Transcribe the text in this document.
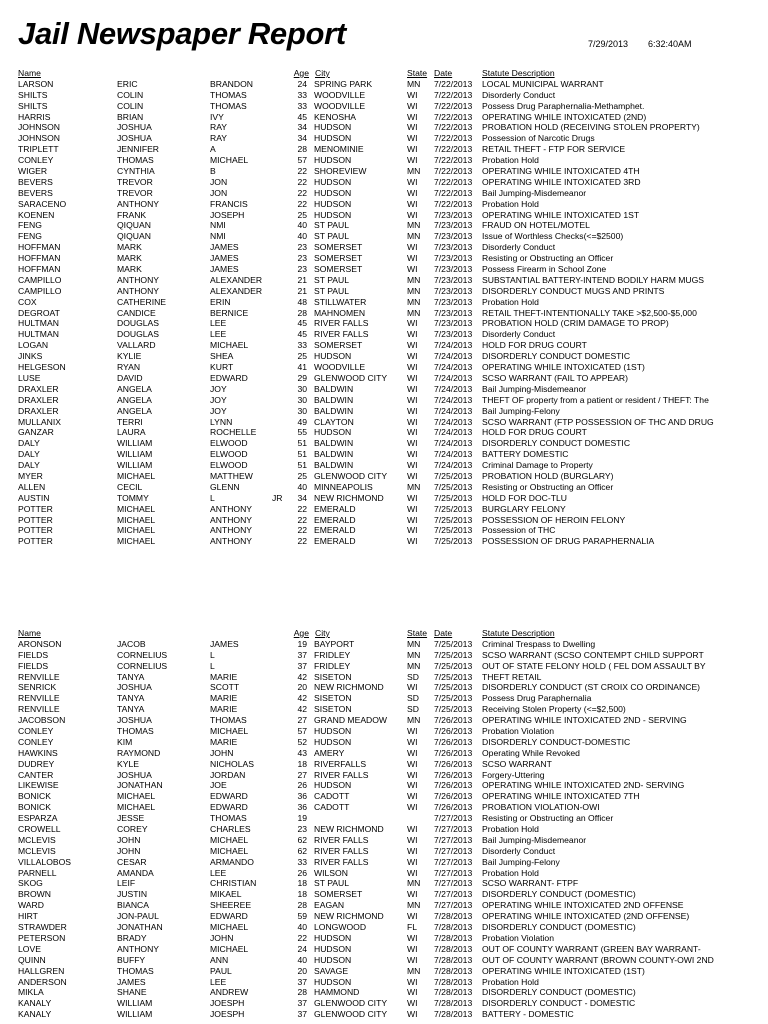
Jail Newspaper Report	7/29/2013 6:32:40AM
Name	Age City	State Date	Statute Description
LARSON	ERIC	BRANDON	24 SPRING PARK	MN	7/22/2013	LOCAL MUNICIPAL WARRANT
SHILTS	COLIN	THOMAS	33 WOODVILLE	WI	7/22/2013	Disorderly Conduct
SHILTS	COLIN	THOMAS	33 WOODVILLE	WI	7/22/2013	Possess Drug Paraphernalia-Methamphet.
HARRIS	BRIAN	IVY	45 KENOSHA	WI	7/22/2013	OPERATING WHILE INTOXICATED (2ND)
JOHNSON	JOSHUA	RAY	34 HUDSON	WI	7/22/2013	PROBATION HOLD (RECEIVING STOLEN PROPERTY)
JOHNSON	JOSHUA	RAY	34 HUDSON	WI	7/22/2013	Possession of Narcotic Drugs
TRIPLETT	JENNIFER	A	28 MENOMINIE	WI	7/22/2013	RETAIL THEFT - FTP FOR SERVICE
CONLEY	THOMAS	MICHAEL	57 HUDSON	WI	7/22/2013	Probation Hold
WIGER	CYNTHIA	B	22 SHOREVIEW	MN	7/22/2013	OPERATING WHILE INTOXICATED 4TH
BEVERS	TREVOR	JON	22 HUDSON	WI	7/22/2013	OPERATING WHILE INTOXICATED 3RD
BEVERS	TREVOR	JON	22 HUDSON	WI	7/22/2013	Bail Jumping-Misdemeanor
SARACENO	ANTHONY	FRANCIS	22 HUDSON	WI	7/22/2013	Probation Hold
KOENEN	FRANK	JOSEPH	25 HUDSON	WI	7/23/2013	OPERATING WHILE INTOXICATED 1ST
FENG	QIQUAN	NMI	40 ST PAUL	MN	7/23/2013	FRAUD ON HOTEL/MOTEL
FENG	QIQUAN	NMI	40 ST PAUL	MN	7/23/2013	Issue of Worthless Checks(<=$2500)
HOFFMAN	MARK	JAMES	23 SOMERSET	WI	7/23/2013	Disorderly Conduct
HOFFMAN	MARK	JAMES	23 SOMERSET	WI	7/23/2013	Resisting or Obstructing an Officer
HOFFMAN	MARK	JAMES	23 SOMERSET	WI	7/23/2013	Possess Firearm in School Zone
CAMPILLO	ANTHONY	ALEXANDER	21 ST PAUL	MN	7/23/2013	SUBSTANTIAL BATTERY-INTEND BODILY HARM MUGS
CAMPILLO	ANTHONY	ALEXANDER	21 ST PAUL	MN	7/23/2013	DISORDERLY CONDUCT MUGS AND PRINTS
COX	CATHERINE	ERIN	48 STILLWATER	MN	7/23/2013	Probation Hold
DEGROAT	CANDICE	BERNICE	28 MAHNOMEN	MN	7/23/2013	RETAIL THEFT-INTENTIONALLY TAKE >$2,500-$5,000
HULTMAN	DOUGLAS	LEE	45 RIVER FALLS	WI	7/23/2013	PROBATION HOLD (CRIM DAMAGE TO PROP)
HULTMAN	DOUGLAS	LEE	45 RIVER FALLS	WI	7/23/2013	Disorderly Conduct
LOGAN	VALLARD	MICHAEL	33 SOMERSET	WI	7/24/2013	HOLD FOR DRUG COURT
JINKS	KYLIE	SHEA	25 HUDSON	WI	7/24/2013	DISORDERLY CONDUCT DOMESTIC
HELGESON	RYAN	KURT	41 WOODVILLE	WI	7/24/2013	OPERATING WHILE INTOXICATED (1ST)
LUSE	DAVID	EDWARD	29 GLENWOOD CITY	WI	7/24/2013	SCSO WARRANT (FAIL TO APPEAR)
DRAXLER	ANGELA	JOY	30 BALDWIN	WI	7/24/2013	Bail Jumping-Misdemeanor
DRAXLER	ANGELA	JOY	30 BALDWIN	WI	7/24/2013	THEFT OF property from a patient or resident / THEFT: The
DRAXLER	ANGELA	JOY	30 BALDWIN	WI	7/24/2013	Bail Jumping-Felony
MULLANIX	TERRI	LYNN	49 CLAYTON	WI	7/24/2013	SCSO WARRANT (FTP POSSESSION OF THC AND DRUG
GANZAR	LAURA	ROCHELLE	55 HUDSON	WI	7/24/2013	HOLD FOR DRUG COURT
DALY	WILLIAM	ELWOOD	51 BALDWIN	WI	7/24/2013	DISORDERLY CONDUCT DOMESTIC
DALY	WILLIAM	ELWOOD	51 BALDWIN	WI	7/24/2013	BATTERY DOMESTIC
DALY	WILLIAM	ELWOOD	51 BALDWIN	WI	7/24/2013	Criminal Damage to Property
MYER	MICHAEL	MATTHEW	25 GLENWOOD CITY	WI	7/25/2013	PROBATION HOLD (BURGLARY)
ALLEN	CECIL	GLENN	40 MINNEAPOLIS	MN	7/25/2013	Resisting or Obstructing an Officer
AUSTIN	TOMMY	L	JR	34 NEW RICHMOND	WI	7/25/2013	HOLD FOR DOC-TLU
POTTER	MICHAEL	ANTHONY	22 EMERALD	WI	7/25/2013	BURGLARY FELONY
POTTER	MICHAEL	ANTHONY	22 EMERALD	WI	7/25/2013	POSSESSION OF HEROIN FELONY
POTTER	MICHAEL	ANTHONY	22 EMERALD	WI	7/25/2013	Possession of THC
POTTER	MICHAEL	ANTHONY	22 EMERALD	WI	7/25/2013	POSSESSION OF DRUG PARAPHERNALIA
Name	Age City	State Date	Statute Description
ARONSON	JACOB	JAMES	19 BAYPORT	MN	7/25/2013	Criminal Trespass to Dwelling
FIELDS	CORNELIUS	L	37 FRIDLEY	MN	7/25/2013	SCSO WARRANT (SCSO CONTEMPT CHILD SUPPORT
FIELDS	CORNELIUS	L	37 FRIDLEY	MN	7/25/2013	OUT OF STATE FELONY HOLD ( FEL DOM ASSAULT BY
RENVILLE	TANYA	MARIE	42 SISETON	SD	7/25/2013	THEFT RETAIL
SENRICK	JOSHUA	SCOTT	20 NEW RICHMOND	WI	7/25/2013	DISORDERLY CONDUCT (ST CROIX CO ORDINANCE)
RENVILLE	TANYA	MARIE	42 SISETON	SD	7/25/2013	Possess Drug Paraphernalia
RENVILLE	TANYA	MARIE	42 SISETON	SD	7/25/2013	Receiving Stolen Property (<=$2,500)
JACOBSON	JOSHUA	THOMAS	27 GRAND MEADOW	MN	7/26/2013	OPERATING WHILE INTOXICATED 2ND - SERVING
CONLEY	THOMAS	MICHAEL	57 HUDSON	WI	7/26/2013	Probation Violation
CONLEY	KIM	MARIE	52 HUDSON	WI	7/26/2013	DISORDERLY CONDUCT-DOMESTIC
HAWKINS	RAYMOND	JOHN	43 AMERY	WI	7/26/2013	Operating While Revoked
DUDREY	KYLE	NICHOLAS	18 RIVERFALLS	WI	7/26/2013	SCSO WARRANT
CANTER	JOSHUA	JORDAN	27 RIVER FALLS	WI	7/26/2013	Forgery-Uttering
LIKEWISE	JONATHAN	JOE	26 HUDSON	WI	7/26/2013	OPERATING WHILE INTOXICATED 2ND- SERVING
BONICK	MICHAEL	EDWARD	36 CADOTT	WI	7/26/2013	OPERATING WHILE INTOXICATED 7TH
BONICK	MICHAEL	EDWARD	36 CADOTT	WI	7/26/2013	PROBATION VIOLATION-OWI
ESPARZA	JESSE	THOMAS	19	7/27/2013	Resisting or Obstructing an Officer
CROWELL	COREY	CHARLES	23 NEW RICHMOND	WI	7/27/2013	Probation Hold
MCLEVIS	JOHN	MICHAEL	62 RIVER FALLS	WI	7/27/2013	Bail Jumping-Misdemeanor
MCLEVIS	JOHN	MICHAEL	62 RIVER FALLS	WI	7/27/2013	Disorderly Conduct
VILLALOBOS	CESAR	ARMANDO	33 RIVER FALLS	WI	7/27/2013	Bail Jumping-Felony
PARNELL	AMANDA	LEE	26 WILSON	WI	7/27/2013	Probation Hold
SKOG	LEIF	CHRISTIAN	18 ST PAUL	MN	7/27/2013	SCSO WARRANT- FTPF
BROWN	JUSTIN	MIKAEL	18 SOMERSET	WI	7/27/2013	DISORDERLY CONDUCT (DOMESTIC)
WARD	BIANCA	SHEEREE	28 EAGAN	MN	7/27/2013	OPERATING WHILE INTOXICATED 2ND OFFENSE
HIRT	JON-PAUL	EDWARD	59 NEW RICHMOND	WI	7/28/2013	OPERATING WHILE INTOXICATED (2ND OFFENSE)
STRAWDER	JONATHAN	MICHAEL	40 LONGWOOD	FL	7/28/2013	DISORDERLY CONDUCT (DOMESTIC)
PETERSON	BRADY	JOHN	22 HUDSON	WI	7/28/2013	Probation Violation
LOVE	ANTHONY	MICHAEL	24 HUDSON	WI	7/28/2013	OUT OF COUNTY WARRANT (GREEN BAY WARRANT-
QUINN	BUFFY	ANN	40 HUDSON	WI	7/28/2013	OUT OF COUNTY WARRANT (BROWN COUNTY-OWI 2ND
HALLGREN	THOMAS	PAUL	20 SAVAGE	MN	7/28/2013	OPERATING WHILE INTOXICATED (1ST)
ANDERSON	JAMES	LEE	37 HUDSON	WI	7/28/2013	Probation Hold
MIKLA	SHANE	ANDREW	28 HAMMOND	WI	7/28/2013	DISORDERLY CONDUCT (DOMESTIC)
KANALY	WILLIAM	JOESPH	37 GLENWOOD CITY	WI	7/28/2013	DISORDERLY CONDUCT - DOMESTIC
KANALY	WILLIAM	JOESPH	37 GLENWOOD CITY	WI	7/28/2013	BATTERY - DOMESTIC
